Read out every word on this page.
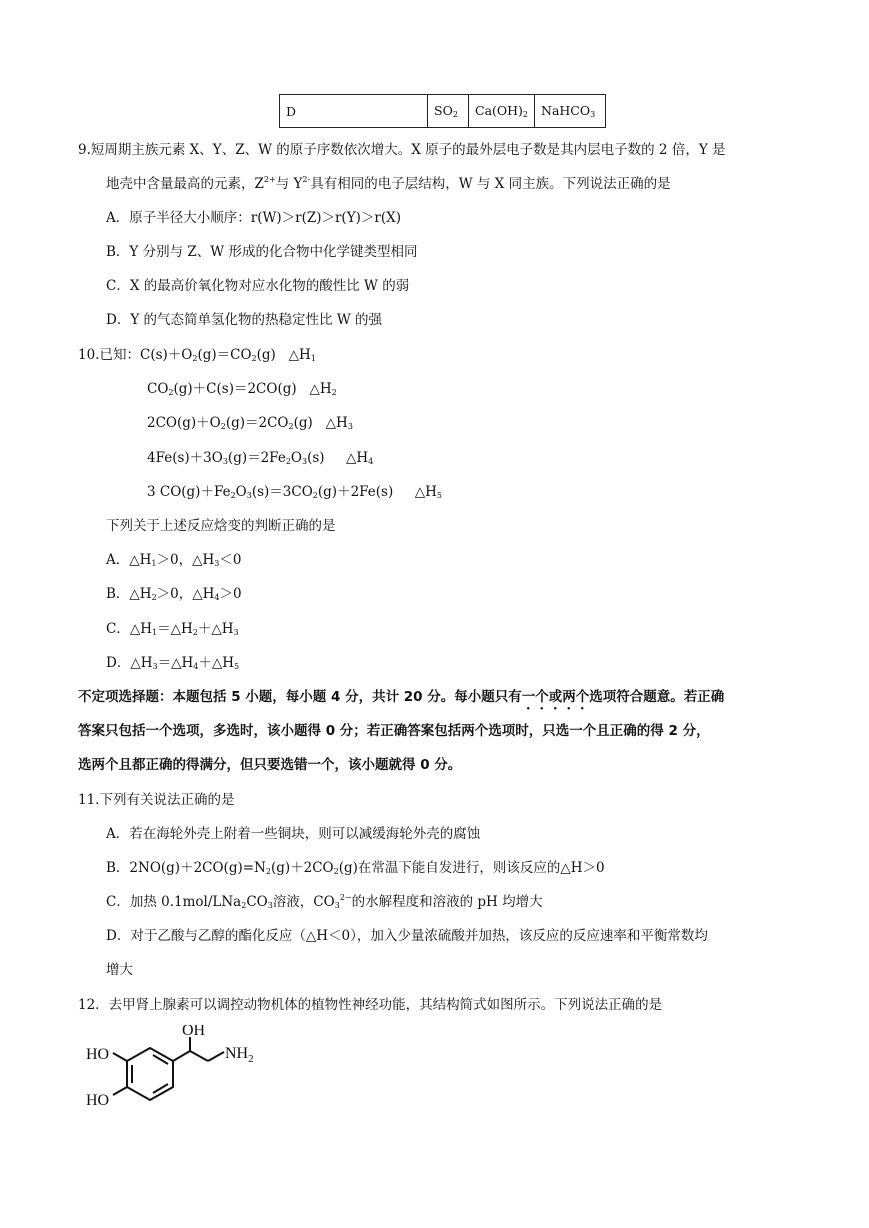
D	$SO_2$	$Ca(OH)_2$	NaHCO$_3$
9.短周期主族元素 X、Y、Z、W 的原子序数依次增大。X 原子的最外层电子数是其内层电子数的 2 倍，Y 是
地壳中含量最高的元素，$Z^{2+}$与 $Y^{2-}$具有相同的电子层结构，W 与 X 同主族。下列说法正确的是
A．原子半径大小顺序：r(W)＞r(Z)＞r(Y)＞r(X)
B．Y 分别与 Z、W 形成的化合物中化学键类型相同
C．X 的最高价氧化物对应水化物的酸性比 W 的弱
D．Y 的气态简单氢化物的热稳定性比 W 的强
10.已知：$C(s)+O_2(g)=CO_2(g)$   $\triangle H_1$
$CO_2(g)+C(s)=2CO(g)$   $\triangle H_2$
$2CO(g)+O_2(g)=2CO_2(g)$   $\triangle H_3$
$4Fe(s)+3O_3(g)=2Fe_2O_3(s)$     $\triangle H_4$
3 $CO(g)+Fe_2O_3(s)=3CO_2(g)+2Fe(s)$     $\triangle H_5$
下列关于上述反应焓变的判断正确的是
A．$\triangle H_1>0$，$\triangle H_3<0$
B．$\triangle H_2>0$，$\triangle H_4>0$
C．$\triangle H_1=\triangle H_2+\triangle H_3$
D．$\triangle H_3=\triangle H_4+\triangle H_5$
不定项选择题：本题包括 5 小题，每小题 4 分，共计 20 分。每小题只有一个或两个选项符合题意。若正确
答案只包括一个选项，多选时，该小题得 0 分；若正确答案包括两个选项时，只选一个且正确的得 2 分，
选两个且都正确的得满分，但只要选错一个，该小题就得 0 分。
11.下列有关说法正确的是
A．若在海轮外壳上附着一些铜块，则可以减缓海轮外壳的腐蚀
B．$2NO(g)+2CO(g)=N_2(g)+2CO_2(g)$在常温下能自发进行，则该反应的△H＞0
C．加热 $0.1mol/LNa_2CO_3$溶液，$CO_3^{2-}$的水解程度和溶液的 pH 均增大
D．对于乙酸与乙醇的酯化反应（△H＜0），加入少量浓硫酸并加热，该反应的反应速率和平衡常数均
增大
12．去甲肾上腺素可以调控动物机体的植物性神经功能，其结构简式如图所示。下列说法正确的是
OH
$NH_2$
HO
HO
